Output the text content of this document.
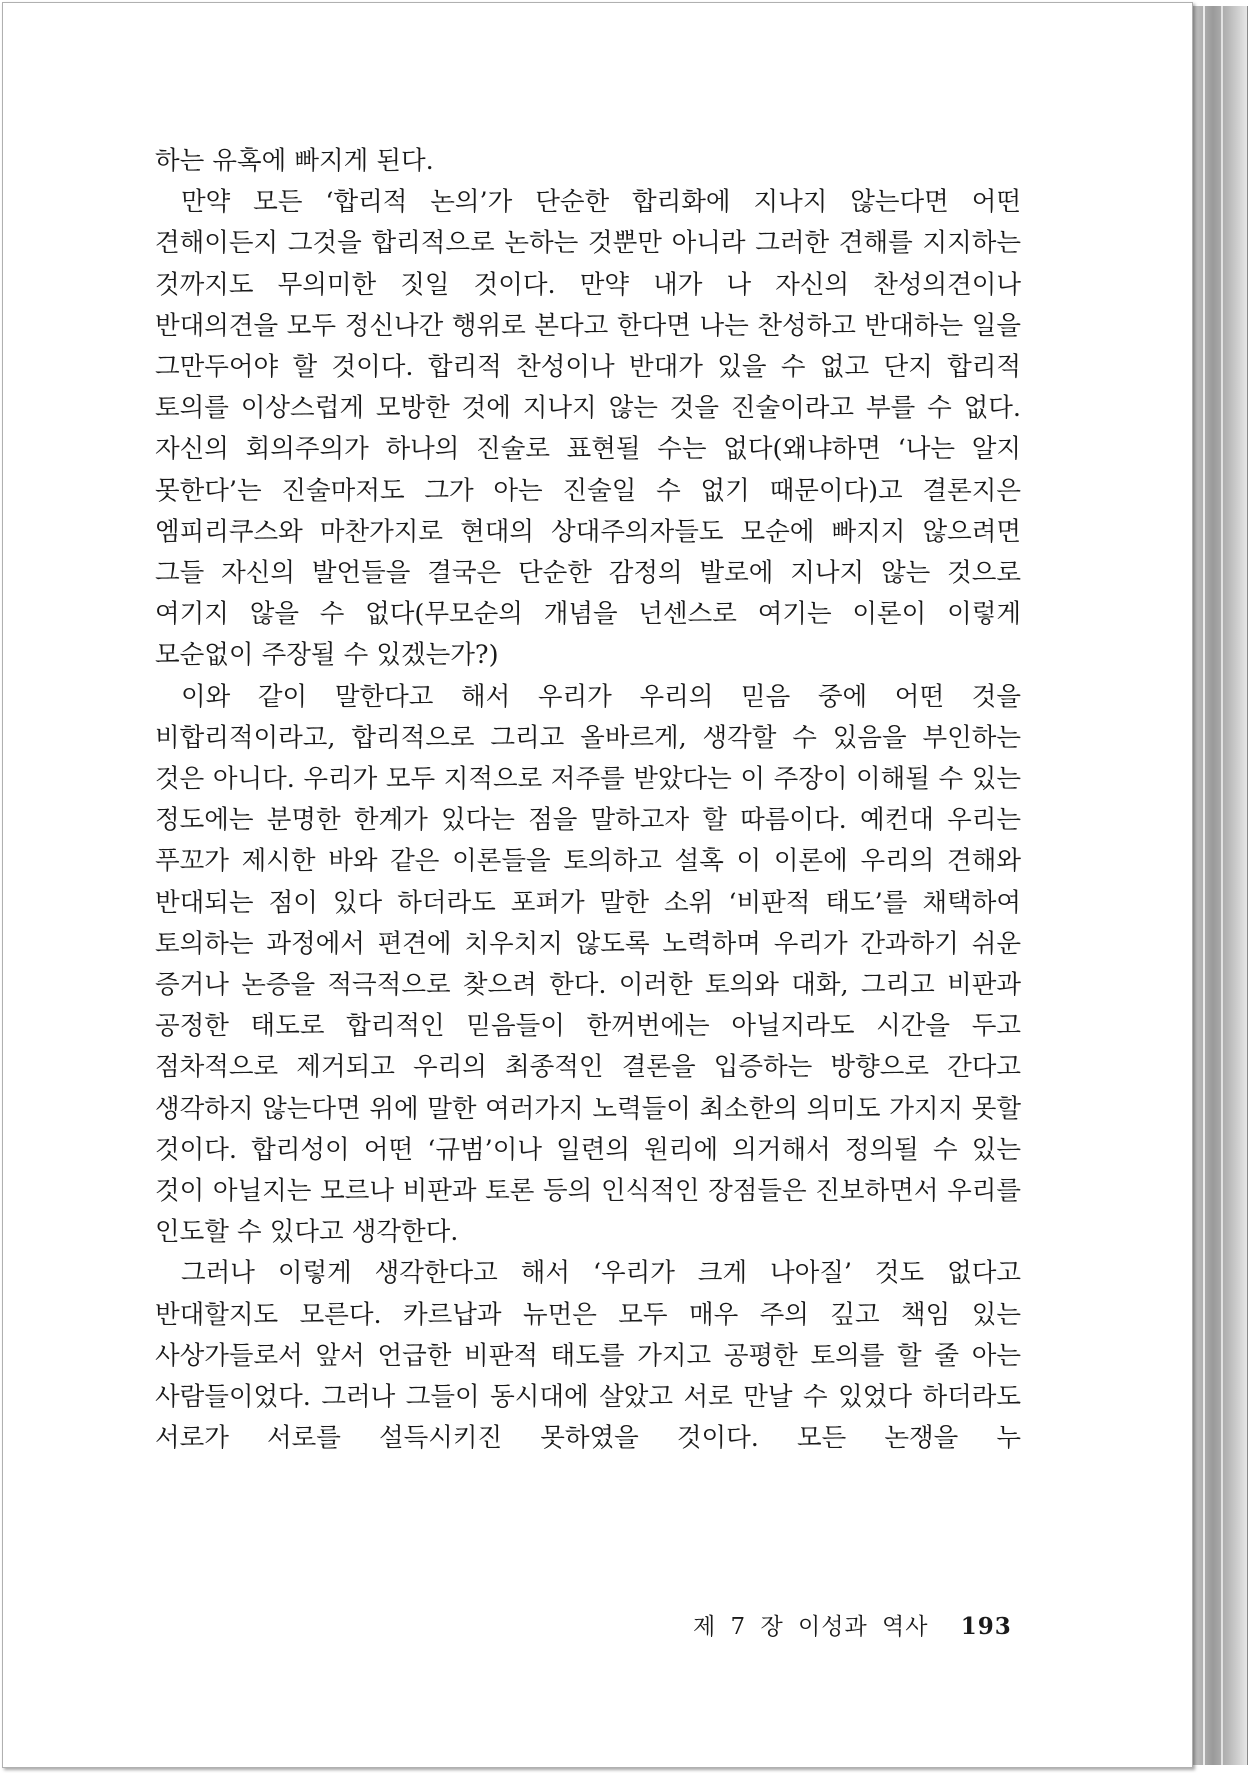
하는 유혹에 빠지게 된다.

만약 모든 ‘합리적 논의’가 단순한 합리화에 지나지 않는다면 어떤 견해이든지 그것을 합리적으로 논하는 것뿐만 아니라 그러한 견해를 지지하는 것까지도 무의미한 짓일 것이다. 만약 내가 나 자신의 찬성의견이나 반대의견을 모두 정신나간 행위로 본다고 한다면 나는 찬성하고 반대하는 일을 그만두어야 할 것이다. 합리적 찬성이나 반대가 있을 수 없고 단지 합리적 토의를 이상스럽게 모방한 것에 지나지 않는 것을 진술이라고 부를 수 없다. 자신의 회의주의가 하나의 진술로 표현될 수는 없다(왜냐하면 ‘나는 알지 못한다’는 진술마저도 그가 아는 진술일 수 없기 때문이다)고 결론지은 엠피리쿠스와 마찬가지로 현대의 상대주의자들도 모순에 빠지지 않으려면 그들 자신의 발언들을 결국은 단순한 감정의 발로에 지나지 않는 것으로 여기지 않을 수 없다(무모순의 개념을 넌센스로 여기는 이론이 이렇게 모순없이 주장될 수 있겠는가?)

이와 같이 말한다고 해서 우리가 우리의 믿음 중에 어떤 것을 비합리적이라고, 합리적으로 그리고 올바르게, 생각할 수 있음을 부인하는 것은 아니다. 우리가 모두 지적으로 저주를 받았다는 이 주장이 이해될 수 있는 정도에는 분명한 한계가 있다는 점을 말하고자 할 따름이다. 예컨대 우리는 푸꼬가 제시한 바와 같은 이론들을 토의하고 설혹 이 이론에 우리의 견해와 반대되는 점이 있다 하더라도 포퍼가 말한 소위 ‘비판적 태도’를 채택하여 토의하는 과정에서 편견에 치우치지 않도록 노력하며 우리가 간과하기 쉬운 증거나 논증을 적극적으로 찾으려 한다. 이러한 토의와 대화, 그리고 비판과 공정한 태도로 합리적인 믿음들이 한꺼번에는 아닐지라도 시간을 두고 점차적으로 제거되고 우리의 최종적인 결론을 입증하는 방향으로 간다고 생각하지 않는다면 위에 말한 여러가지 노력들이 최소한의 의미도 가지지 못할 것이다. 합리성이 어떤 ‘규범’이나 일련의 원리에 의거해서 정의될 수 있는 것이 아닐지는 모르나 비판과 토론 등의 인식적인 장점들은 진보하면서 우리를 인도할 수 있다고 생각한다.

그러나 이렇게 생각한다고 해서 ‘우리가 크게 나아질’ 것도 없다고 반대할지도 모른다. 카르납과 뉴먼은 모두 매우 주의 깊고 책임 있는 사상가들로서 앞서 언급한 비판적 태도를 가지고 공평한 토의를 할 줄 아는 사람들이었다. 그러나 그들이 동시대에 살았고 서로 만날 수 있었다 하더라도 서로가 서로를 설득시키진 못하였을 것이다. 모든 논쟁을 누

제 7 장 이성과 역사 193
